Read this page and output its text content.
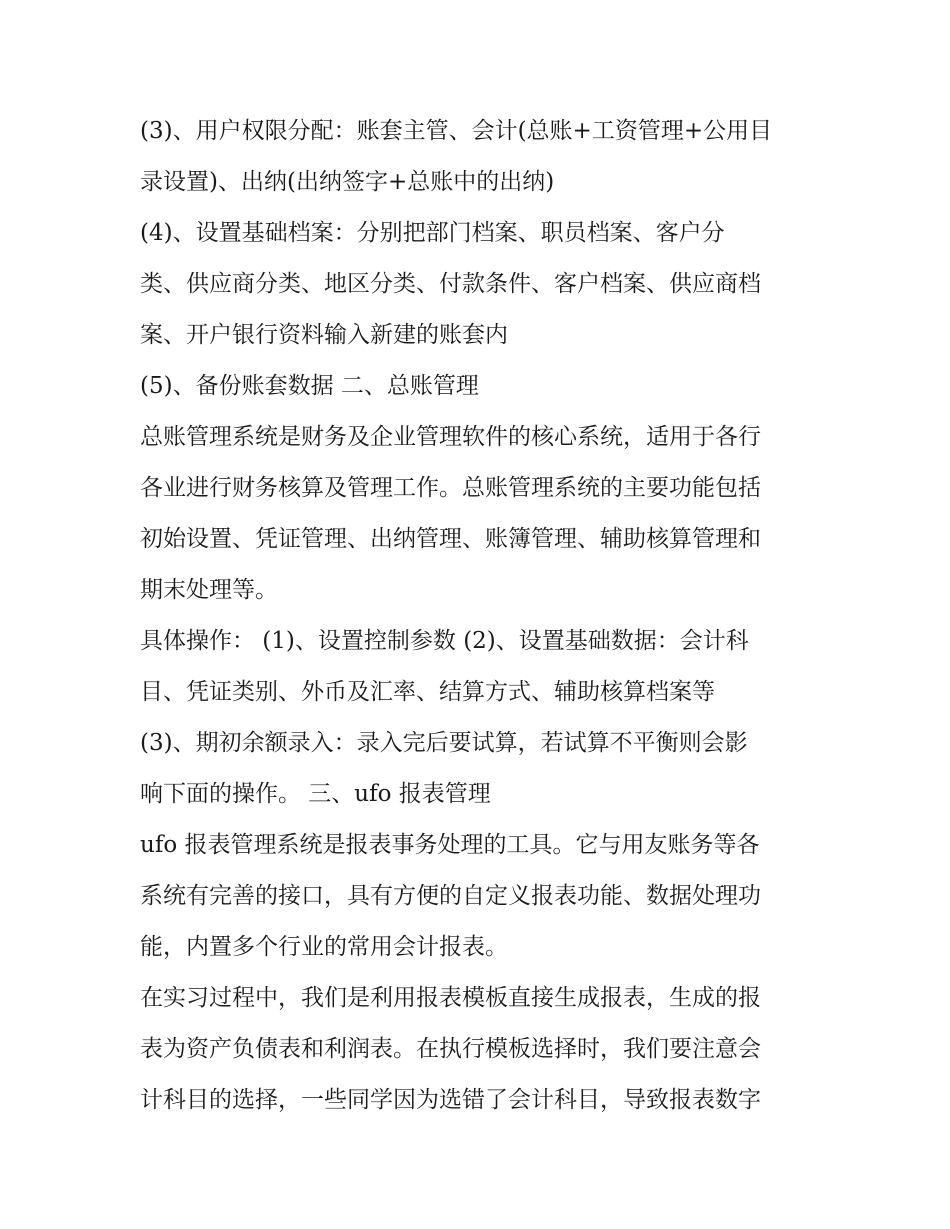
(3)、用户权限分配：账套主管、会计(总账+工资管理+公用目
录设置)、出纳(出纳签字+总账中的出纳)
(4)、设置基础档案：分别把部门档案、职员档案、客户分
类、供应商分类、地区分类、付款条件、客户档案、供应商档
案、开户银行资料输入新建的账套内
(5)、备份账套数据 二、总账管理
总账管理系统是财务及企业管理软件的核心系统，适用于各行
各业进行财务核算及管理工作。总账管理系统的主要功能包括
初始设置、凭证管理、出纳管理、账簿管理、辅助核算管理和
期末处理等。
具体操作： (1)、设置控制参数 (2)、设置基础数据：会计科
目、凭证类别、外币及汇率、结算方式、辅助核算档案等
(3)、期初余额录入：录入完后要试算，若试算不平衡则会影
响下面的操作。 三、ufo 报表管理
ufo 报表管理系统是报表事务处理的工具。它与用友账务等各
系统有完善的接口，具有方便的自定义报表功能、数据处理功
能，内置多个行业的常用会计报表。
在实习过程中，我们是利用报表模板直接生成报表，生成的报
表为资产负债表和利润表。在执行模板选择时，我们要注意会
计科目的选择，一些同学因为选错了会计科目，导致报表数字
